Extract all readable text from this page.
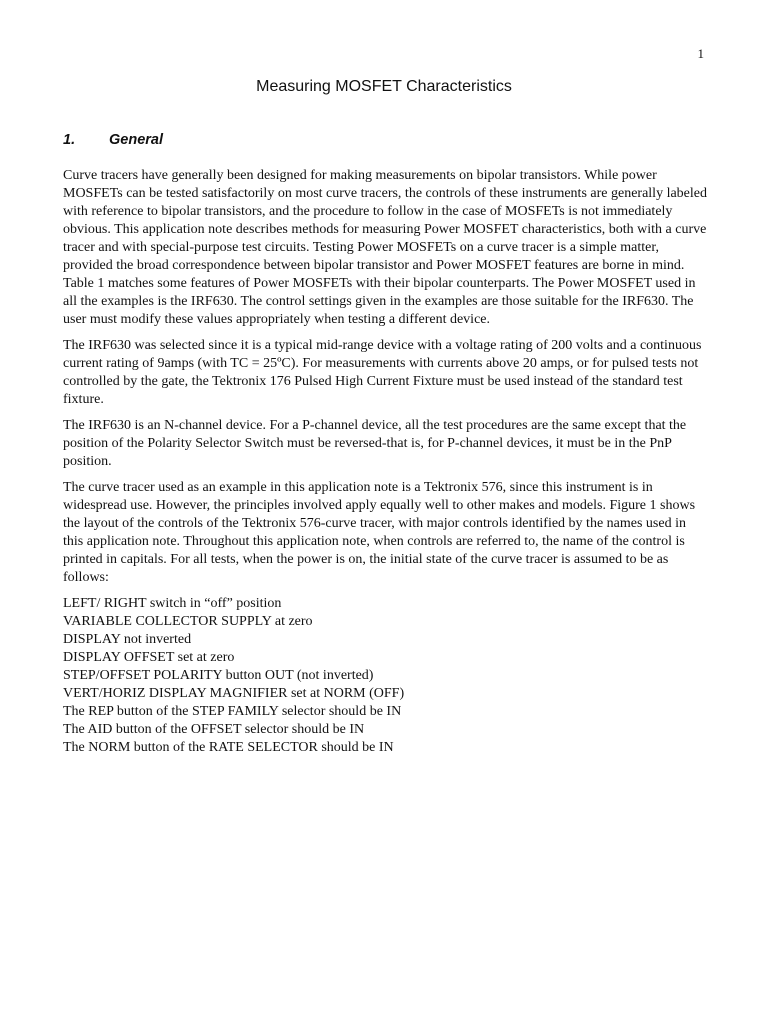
1
Measuring MOSFET Characteristics
1. General

Curve tracers have generally been designed for making measurements on bipolar transistors. While power MOSFETs can be tested satisfactorily on most curve tracers, the controls of these instruments are generally labeled with reference to bipolar transistors, and the procedure to follow in the case of MOSFETs is not immediately obvious. This application note describes methods for measuring Power MOSFET characteristics, both with a curve tracer and with special-purpose test circuits. Testing Power MOSFETs on a curve tracer is a simple matter, provided the broad correspondence between bipolar transistor and Power MOSFET features are borne in mind. Table 1 matches some features of Power MOSFETs with their bipolar counterparts. The Power MOSFET used in all the examples is the IRF630. The control settings given in the examples are those suitable for the IRF630. The user must modify these values appropriately when testing a different device.

The IRF630 was selected since it is a typical mid-range device with a voltage rating of 200 volts and a continuous current rating of 9amps (with TC = 25ºC). For measurements with currents above 20 amps, or for pulsed tests not controlled by the gate, the Tektronix 176 Pulsed High Current Fixture must be used instead of the standard test fixture.

The IRF630 is an N-channel device. For a P-channel device, all the test procedures are the same except that the position of the Polarity Selector Switch must be reversed-that is, for P-channel devices, it must be in the PnP position.

The curve tracer used as an example in this application note is a Tektronix 576, since this instrument is in widespread use. However, the principles involved apply equally well to other makes and models. Figure 1 shows the layout of the controls of the Tektronix 576-curve tracer, with major controls identified by the names used in this application note. Throughout this application note, when controls are referred to, the name of the control is printed in capitals. For all tests, when the power is on, the initial state of the curve tracer is assumed to be as follows:

LEFT/ RIGHT switch in “off” position
VARIABLE COLLECTOR SUPPLY at zero
DISPLAY not inverted
DISPLAY OFFSET set at zero
STEP/OFFSET POLARITY button OUT (not inverted)
VERT/HORIZ DISPLAY MAGNIFIER set at NORM (OFF)
The REP button of the STEP FAMILY selector should be IN
The AID button of the OFFSET selector should be IN
The NORM button of the RATE SELECTOR should be IN
